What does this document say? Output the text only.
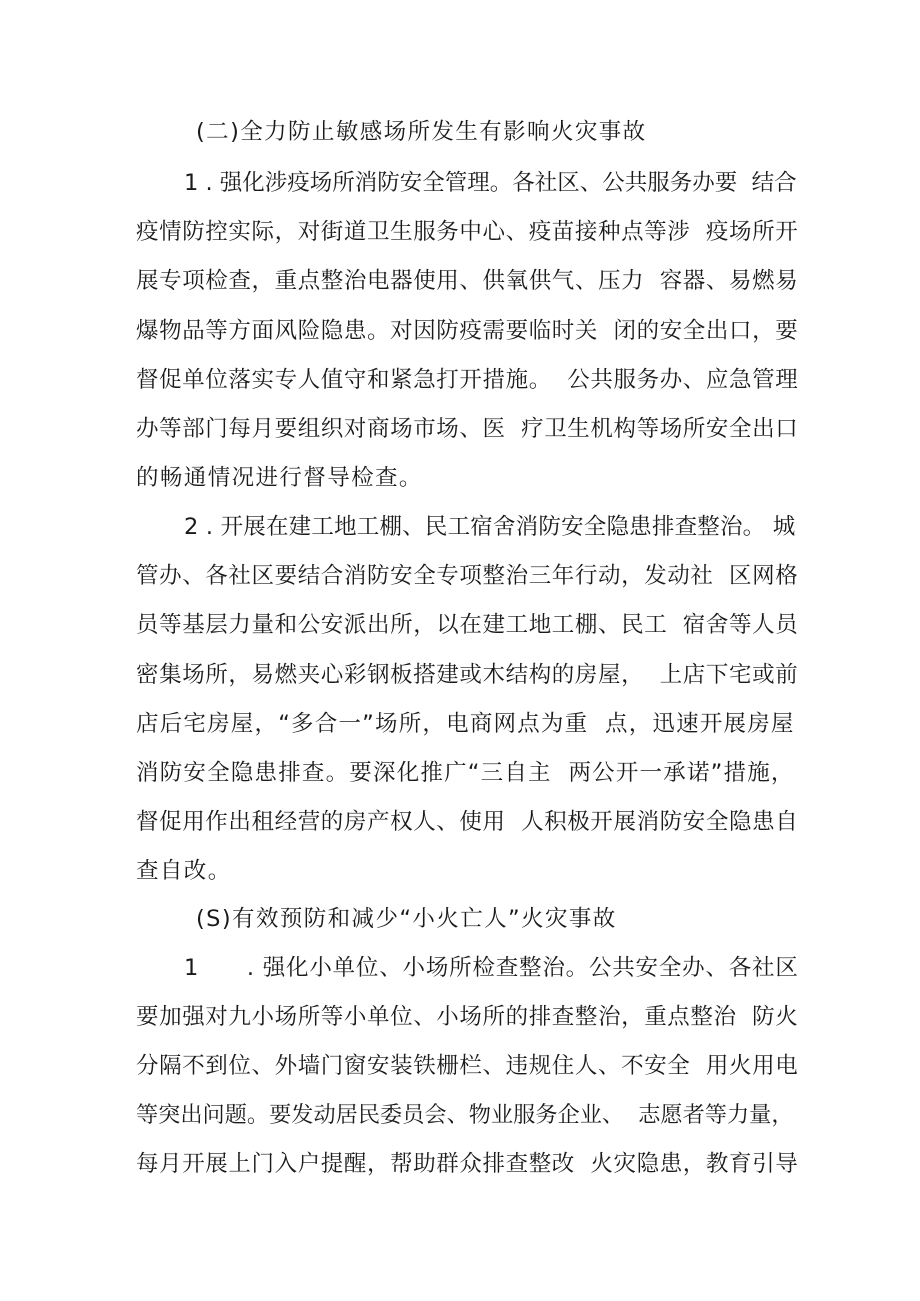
(二)全力防止敏感场所发生有影响火灾事故
1 . 强化涉疫场所消防安全管理。各社区、公共服务办要  结合
疫情防控实际，对街道卫生服务中心、疫苗接种点等涉  疫场所开
展专项检查，重点整治电器使用、供氧供气、压力  容器、易燃易
爆物品等方面风险隐患。对因防疫需要临时关  闭的安全出口，要
督促单位落实专人值守和紧急打开措施。  公共服务办、应急管理
办等部门每月要组织对商场市场、医  疗卫生机构等场所安全出口
的畅通情况进行督导检查。
2 . 开展在建工地工棚、民工宿舍消防安全隐患排查整治。 城
管办、各社区要结合消防安全专项整治三年行动，发动社  区网格
员等基层力量和公安派出所，以在建工地工棚、民工  宿舍等人员
密集场所，易燃夹心彩钢板搭建或木结构的房屋，  上店下宅或前
店后宅房屋，“多合一”场所，电商网点为重  点，迅速开展房屋
消防安全隐患排查。要深化推广“三自主  两公开一承诺”措施，
督促用作出租经营的房产权人、使用  人积极开展消防安全隐患自
查自改。
(S)有效预防和减少“小火亡人”火灾事故
1      . 强化小单位、小场所检查整治。公共安全办、各社区
要加强对九小场所等小单位、小场所的排查整治，重点整治  防火
分隔不到位、外墙门窗安装铁栅栏、违规住人、不安全  用火用电
等突出问题。要发动居民委员会、物业服务企业、  志愿者等力量，
每月开展上门入户提醒，帮助群众排查整改  火灾隐患，教育引导
